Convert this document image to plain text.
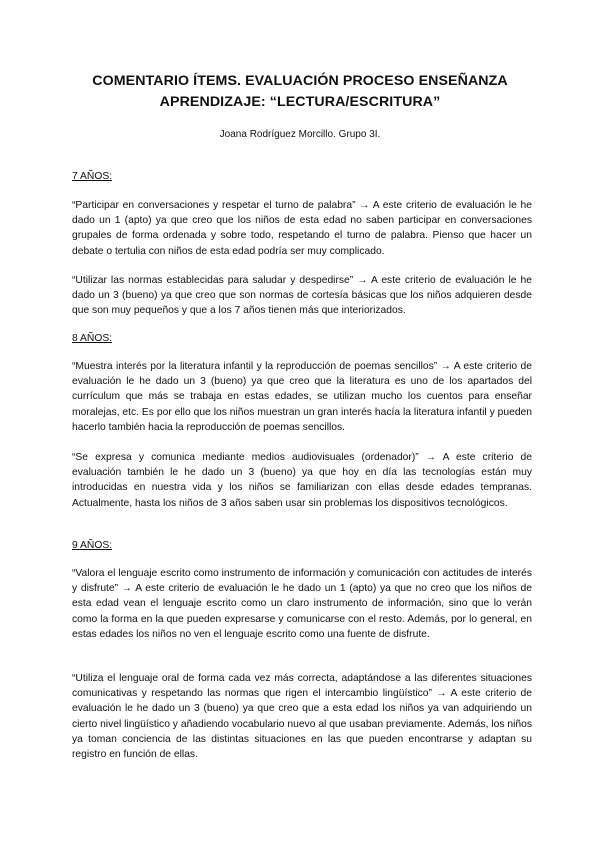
COMENTARIO ÍTEMS. EVALUACIÓN PROCESO ENSEÑANZA APRENDIZAJE: “LECTURA/ESCRITURA”

Joana Rodríguez Morcillo. Grupo 3I.

7 AÑOS:

“Participar en conversaciones y respetar el turno de palabra” → A este criterio de evaluación le he dado un 1 (apto) ya que creo que los niños de esta edad no saben participar en conversaciones grupales de forma ordenada y sobre todo, respetando el turno de palabra. Pienso que hacer un debate o tertulia con niños de esta edad podría ser muy complicado.

“Utilizar las normas establecidas para saludar y despedirse” → A este criterio de evaluación le he dado un 3 (bueno) ya que creo que son normas de cortesía básicas que los niños adquieren desde que son muy pequeños y que a los 7 años tienen más que interiorizados.

8 AÑOS:

“Muestra interés por la literatura infantil y la reproducción de poemas sencillos” → A este criterio de evaluación le he dado un 3 (bueno) ya que creo que la literatura es uno de los apartados del currículum que más se trabaja en estas edades, se utilizan mucho los cuentos para enseñar moralejas, etc. Es por ello que los niños muestran un gran interés hacía la literatura infantil y pueden hacerlo también hacia la reproducción de poemas sencillos.

“Se expresa y comunica mediante medios audiovisuales (ordenador)” → A este criterio de evaluación también le he dado un 3 (bueno) ya que hoy en día las tecnologías están muy introducidas en nuestra vida y los niños se familiarizan con ellas desde edades tempranas. Actualmente, hasta los niños de 3 años saben usar sin problemas los dispositivos tecnológicos.

9 AÑOS:

“Valora el lenguaje escrito como instrumento de información y comunicación con actitudes de interés y disfrute” → A este criterio de evaluación le he dado un 1 (apto) ya que no creo que los niños de esta edad vean el lenguaje escrito como un claro instrumento de información, sino que lo verán como la forma en la que pueden expresarse y comunicarse con el resto. Además, por lo general, en estas edades los niños no ven el lenguaje escrito como una fuente de disfrute.

“Utiliza el lenguaje oral de forma cada vez más correcta, adaptándose a las diferentes situaciones comunicativas y respetando las normas que rigen el intercambio lingüístico” → A este criterio de evaluación le he dado un 3 (bueno) ya que creo que a esta edad los niños ya van adquiriendo un cierto nivel lingüístico y añadiendo vocabulario nuevo al que usaban previamente. Además, los niños ya toman conciencia de las distintas situaciones en las que pueden encontrarse y adaptan su registro en función de ellas.
